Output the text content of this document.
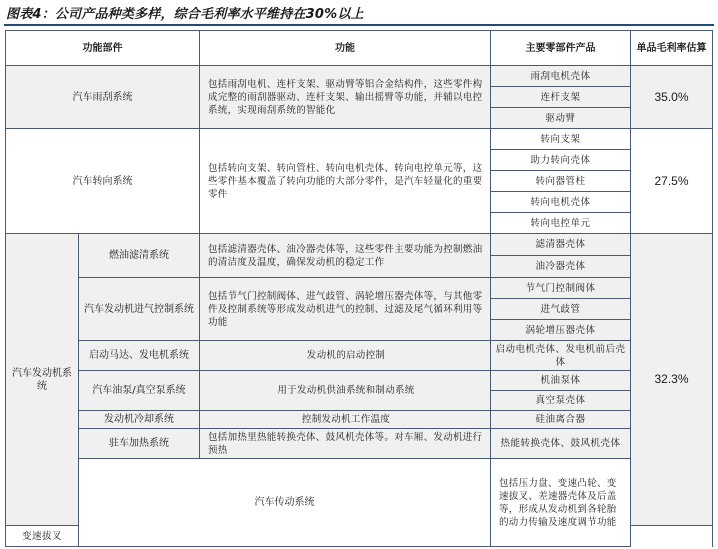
图表4：公司产品种类多样，综合毛利率水平维持在30%以上
功能部件		功能	主要零部件产品	单品毛利率估算	
汽车雨刮系统		包括雨刮电机、连杆支架、驱动臂等铝合金结构件，这些零件构成完整的雨刮器驱动、连杆支架、输出摇臂等功能，并辅以电控系统，实现雨刮系统的智能化	雨刮电机壳体	35.0%	
			连杆支架		
			驱动臂		
汽车转向系统		包括转向支架、转向管柱、转向电机壳体、转向电控单元等，这些零件基本覆盖了转向功能的大部分零件，是汽车轻量化的重要零件	转向支架	27.5%	
			助力转向壳体		
			转向器管柱		
			转向电机壳体		
			转向电控单元		
汽车发动机系统	燃油滤清系统	包括滤清器壳体、油冷器壳体等，这些零件主要功能为控制燃油的清洁度及温度，确保发动机的稳定工作	滤清器壳体	32.3%	
			油冷器壳体		
	汽车发动机进气控制系统	包括节气门控制阀体、进气歧管、涡轮增压器壳体等，与其他零件及控制系统等形成发动机进气的控制、过滤及尾气循环利用等功能	节气门控制阀体		
			进气歧管		
			涡轮增压器壳体		
	启动马达、发电机系统	发动机的启动控制	启动电机壳体、发电机前后壳体		
	汽车油泵/真空泵系统	用于发动机供油系统和制动系统	机油泵体		
			真空泵壳体		
	发动机冷却系统	控制发动机工作温度	硅油离合器		
	驻车加热系统	包括加热里热能转换壳体、鼓风机壳体等。对车厢、发动机进行预热	热能转换壳体、鼓风机壳体		
	汽车传动系统		包括压力盘、变速凸轮、变速拔叉、差速器壳体及后盖等，形成从发动机到各轮胎的动力传输及速度调节功能		

变速拔叉					
